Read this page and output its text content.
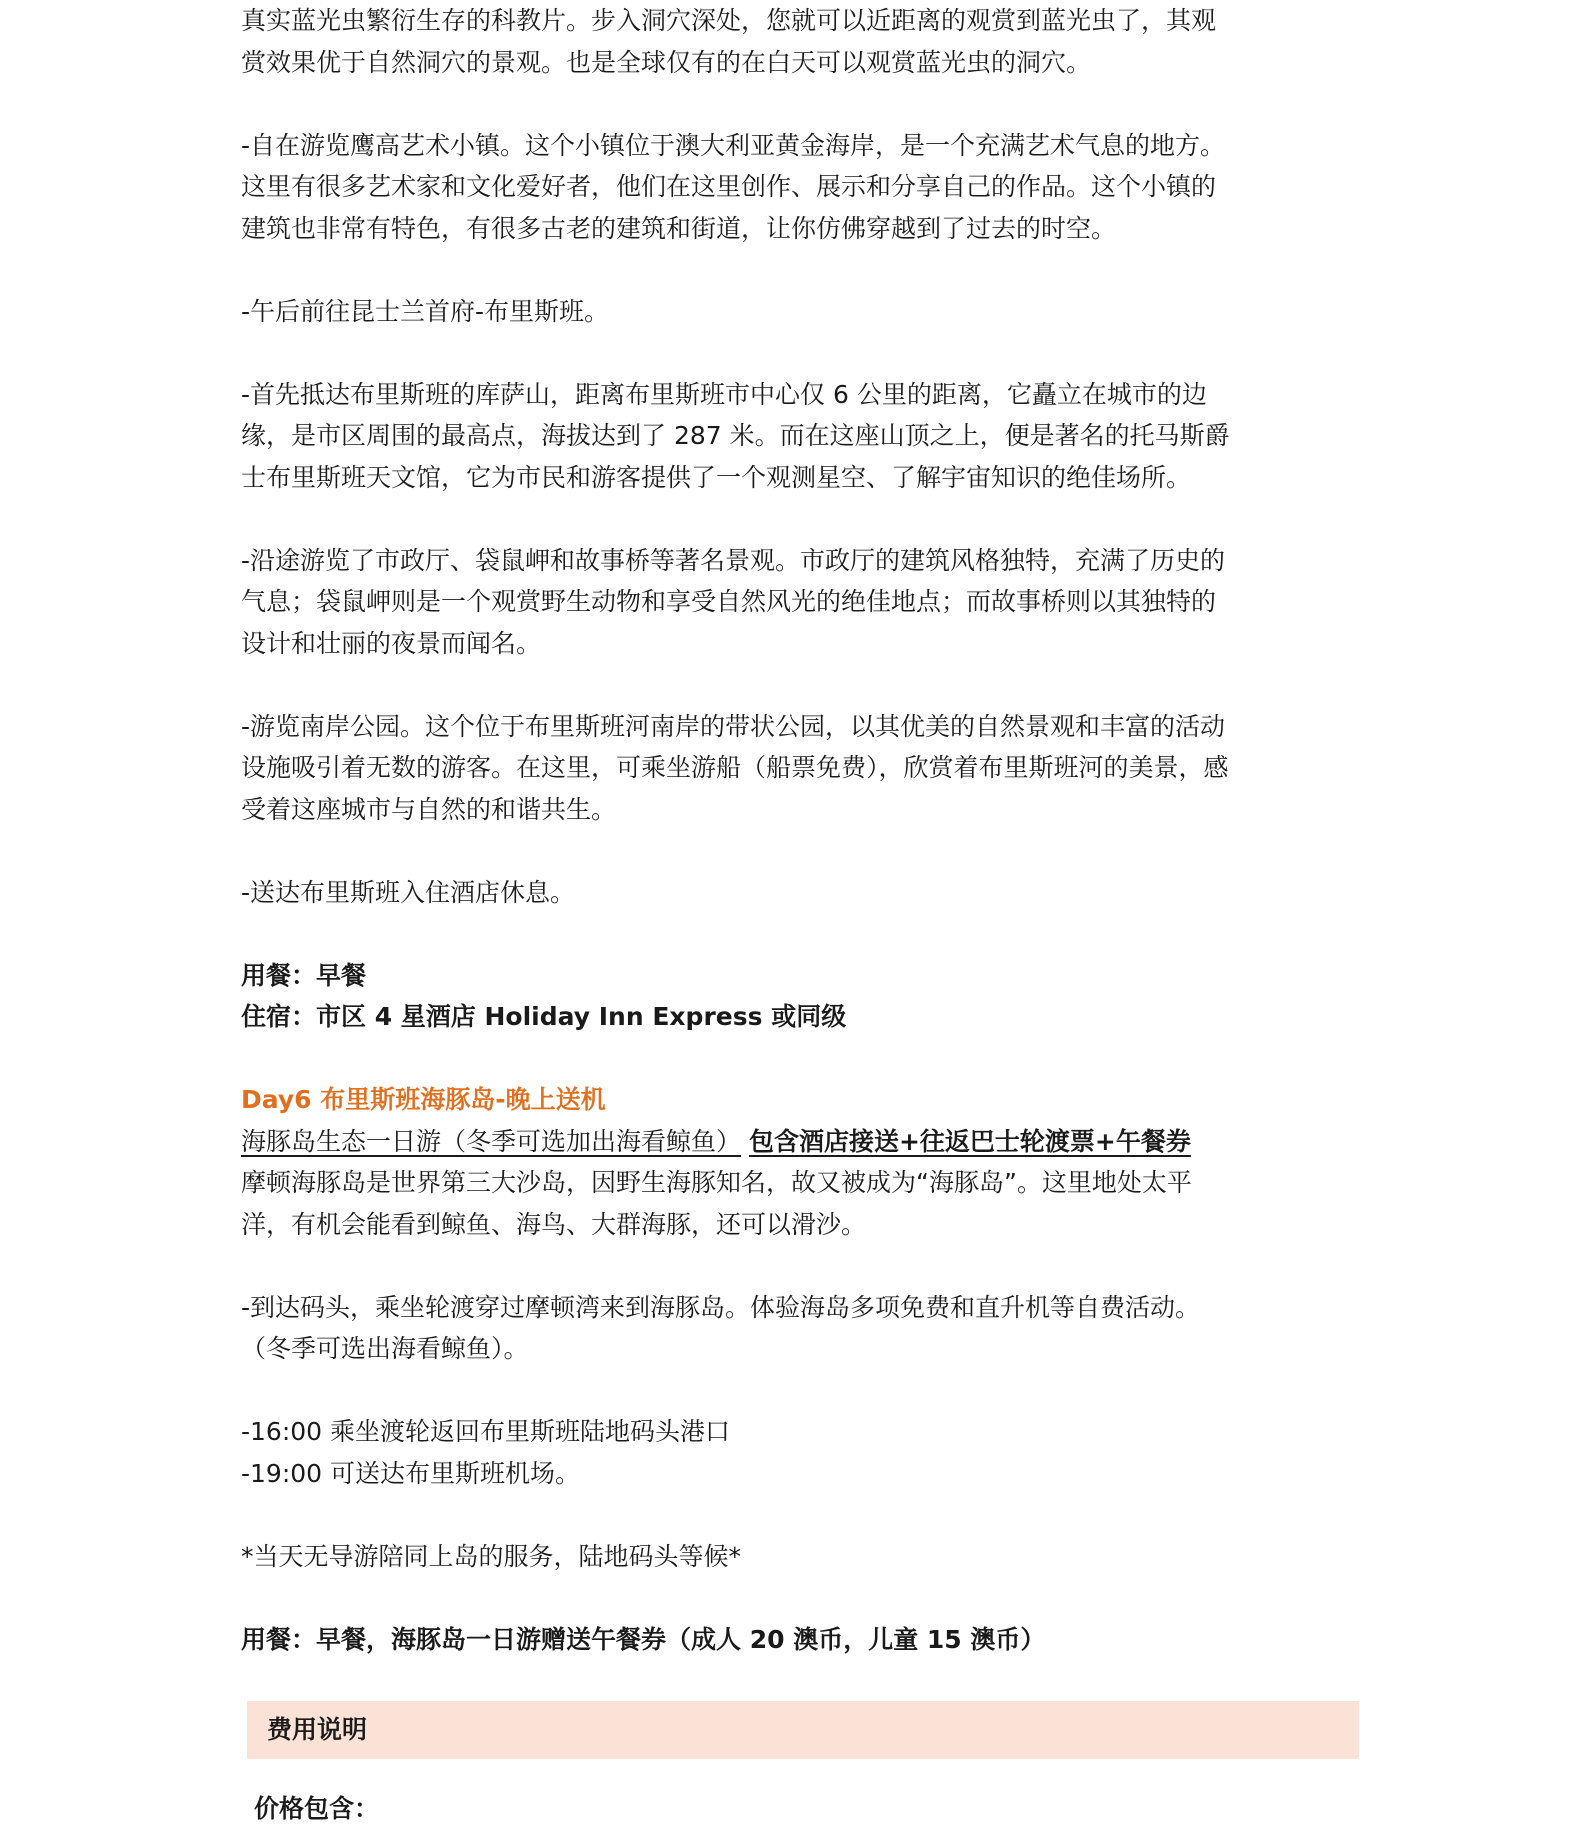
真实蓝光虫繁衍生存的科教片。步入洞穴深处，您就可以近距离的观赏到蓝光虫了，其观

赏效果优于自然洞穴的景观。也是全球仅有的在白天可以观赏蓝光虫的洞穴。

-自在游览鹰高艺术小镇。这个小镇位于澳大利亚黄金海岸，是一个充满艺术气息的地方。

这里有很多艺术家和文化爱好者，他们在这里创作、展示和分享自己的作品。这个小镇的

建筑也非常有特色，有很多古老的建筑和街道，让你仿佛穿越到了过去的时空。

-午后前往昆士兰首府-布里斯班。

-首先抵达布里斯班的库萨山，距离布里斯班市中心仅 6 公里的距离，它矗立在城市的边

缘，是市区周围的最高点，海拔达到了 287 米。而在这座山顶之上，便是著名的托马斯爵

士布里斯班天文馆，它为市民和游客提供了一个观测星空、了解宇宙知识的绝佳场所。

-沿途游览了市政厅、袋鼠岬和故事桥等著名景观。市政厅的建筑风格独特，充满了历史的

气息；袋鼠岬则是一个观赏野生动物和享受自然风光的绝佳地点；而故事桥则以其独特的

设计和壮丽的夜景而闻名。

-游览南岸公园。这个位于布里斯班河南岸的带状公园，以其优美的自然景观和丰富的活动

设施吸引着无数的游客。在这里，可乘坐游船（船票免费），欣赏着布里斯班河的美景，感

受着这座城市与自然的和谐共生。

-送达布里斯班入住酒店休息。

用餐：早餐

住宿：市区 4 星酒店 Holiday Inn Express 或同级

Day6 布里斯班海豚岛-晚上送机

海豚岛生态一日游（冬季可选加出海看鲸鱼） 包含酒店接送+往返巴士轮渡票+午餐券

摩顿海豚岛是世界第三大沙岛，因野生海豚知名，故又被成为“海豚岛”。这里地处太平

洋，有机会能看到鲸鱼、海鸟、大群海豚，还可以滑沙。

-到达码头，乘坐轮渡穿过摩顿湾来到海豚岛。体验海岛多项免费和直升机等自费活动。

（冬季可选出海看鲸鱼）。

-16:00 乘坐渡轮返回布里斯班陆地码头港口

-19:00 可送达布里斯班机场。

*当天无导游陪同上岛的服务，陆地码头等候*

用餐：早餐，海豚岛一日游赠送午餐券（成人 20 澳币，儿童 15 澳币）

费用说明

价格包含：
